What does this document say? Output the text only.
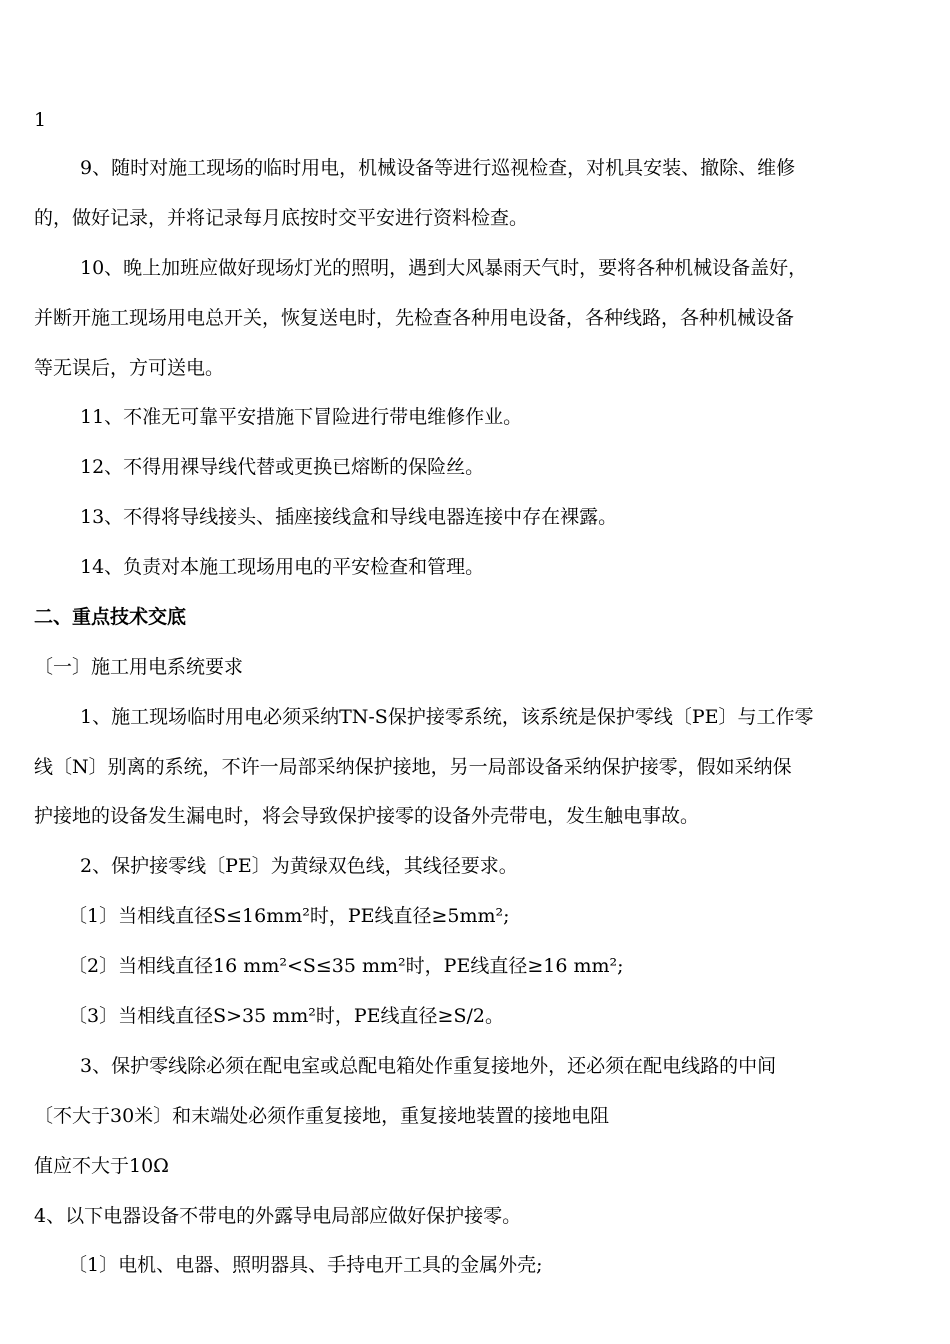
1
9、随时对施工现场的临时用电，机械设备等进行巡视检查，对机具安装、撤除、维修
的，做好记录，并将记录每月底按时交平安进行资料检查。
10、晚上加班应做好现场灯光的照明，遇到大风暴雨天气时，要将各种机械设备盖好，
并断开施工现场用电总开关，恢复送电时，先检查各种用电设备，各种线路，各种机械设备
等无误后，方可送电。
11、不准无可靠平安措施下冒险进行带电维修作业。
12、不得用裸导线代替或更换已熔断的保险丝。
13、不得将导线接头、插座接线盒和导线电器连接中存在裸露。
14、负责对本施工现场用电的平安检查和管理。
二、重点技术交底
〔一〕施工用电系统要求
1、施工现场临时用电必须采纳TN-S保护接零系统，该系统是保护零线〔PE〕与工作零
线〔N〕别离的系统，不许一局部采纳保护接地，另一局部设备采纳保护接零，假如采纳保
护接地的设备发生漏电时，将会导致保护接零的设备外壳带电，发生触电事故。
2、保护接零线〔PE〕为黄绿双色线，其线径要求。
〔1〕当相线直径S≤16mm²时，PE线直径≥5mm²;
〔2〕当相线直径16 mm²<S≤35 mm²时，PE线直径≥16 mm²;
〔3〕当相线直径S>35 mm²时，PE线直径≥S/2。
3、保护零线除必须在配电室或总配电箱处作重复接地外，还必须在配电线路的中间
〔不大于30米〕和末端处必须作重复接地，重复接地装置的接地电阻
值应不大于10Ω
4、以下电器设备不带电的外露导电局部应做好保护接零。
〔1〕电机、电器、照明器具、手持电开工具的金属外壳;
